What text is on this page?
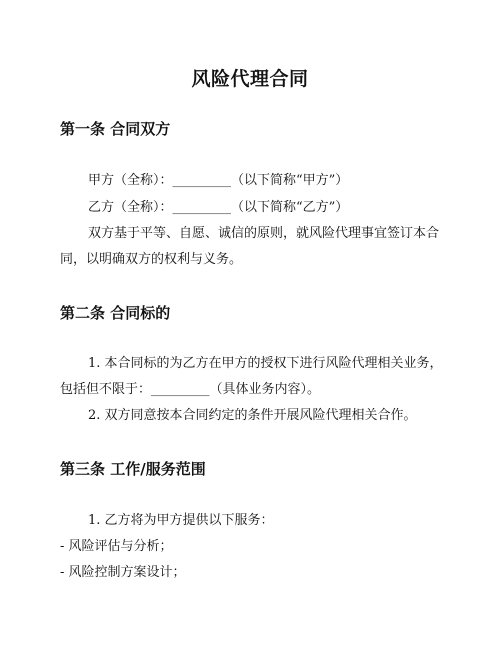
风险代理合同
第一条 合同双方
甲方（全称）：_________（以下简称“甲方”）
乙方（全称）：_________（以下简称“乙方”）
双方基于平等、自愿、诚信的原则，就风险代理事宜签订本合
同，以明确双方的权利与义务。
第二条 合同标的
1. 本合同标的为乙方在甲方的授权下进行风险代理相关业务，
包括但不限于：_________（具体业务内容）。
2. 双方同意按本合同约定的条件开展风险代理相关合作。
第三条 工作/服务范围
1. 乙方将为甲方提供以下服务：
- 风险评估与分析；
- 风险控制方案设计；
